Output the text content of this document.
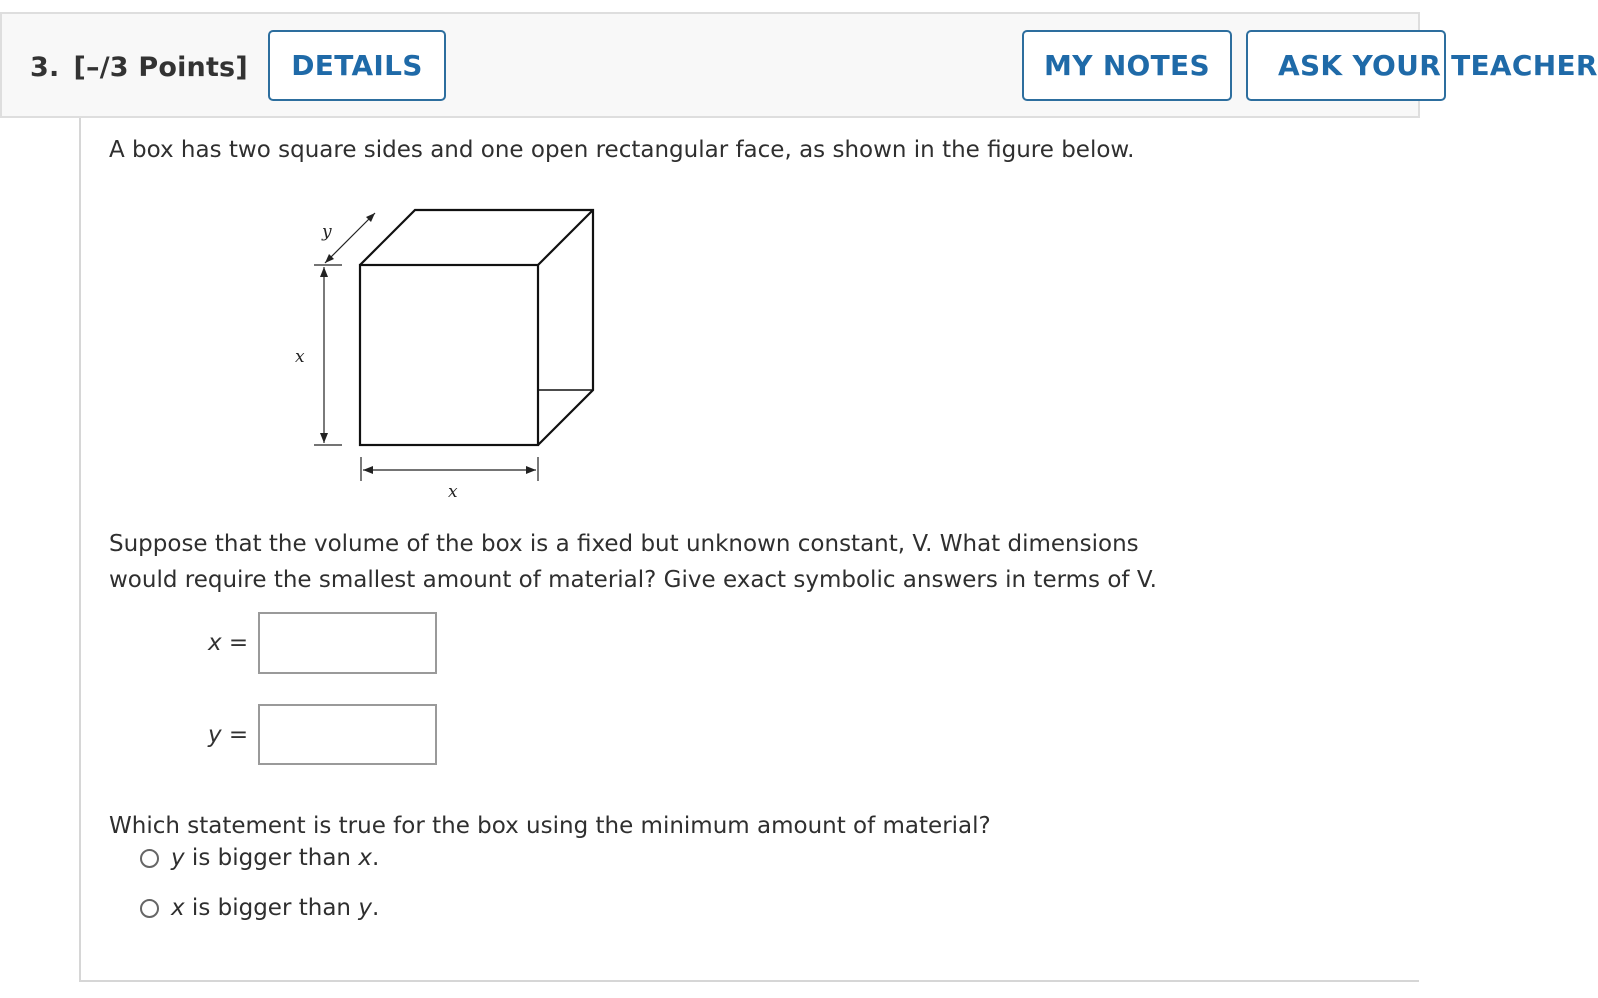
3. [–/3 Points]	DETAILS	MY NOTES	ASK YOUR TEACHER
A box has two square sides and one open rectangular face, as shown in the figure below.
y
x
x
Suppose that the volume of the box is a fixed but unknown constant, V. What dimensions
would require the smallest amount of material? Give exact symbolic answers in terms of V.
x =
y =
Which statement is true for the box using the minimum amount of material?
y is bigger than x.
x is bigger than y.
